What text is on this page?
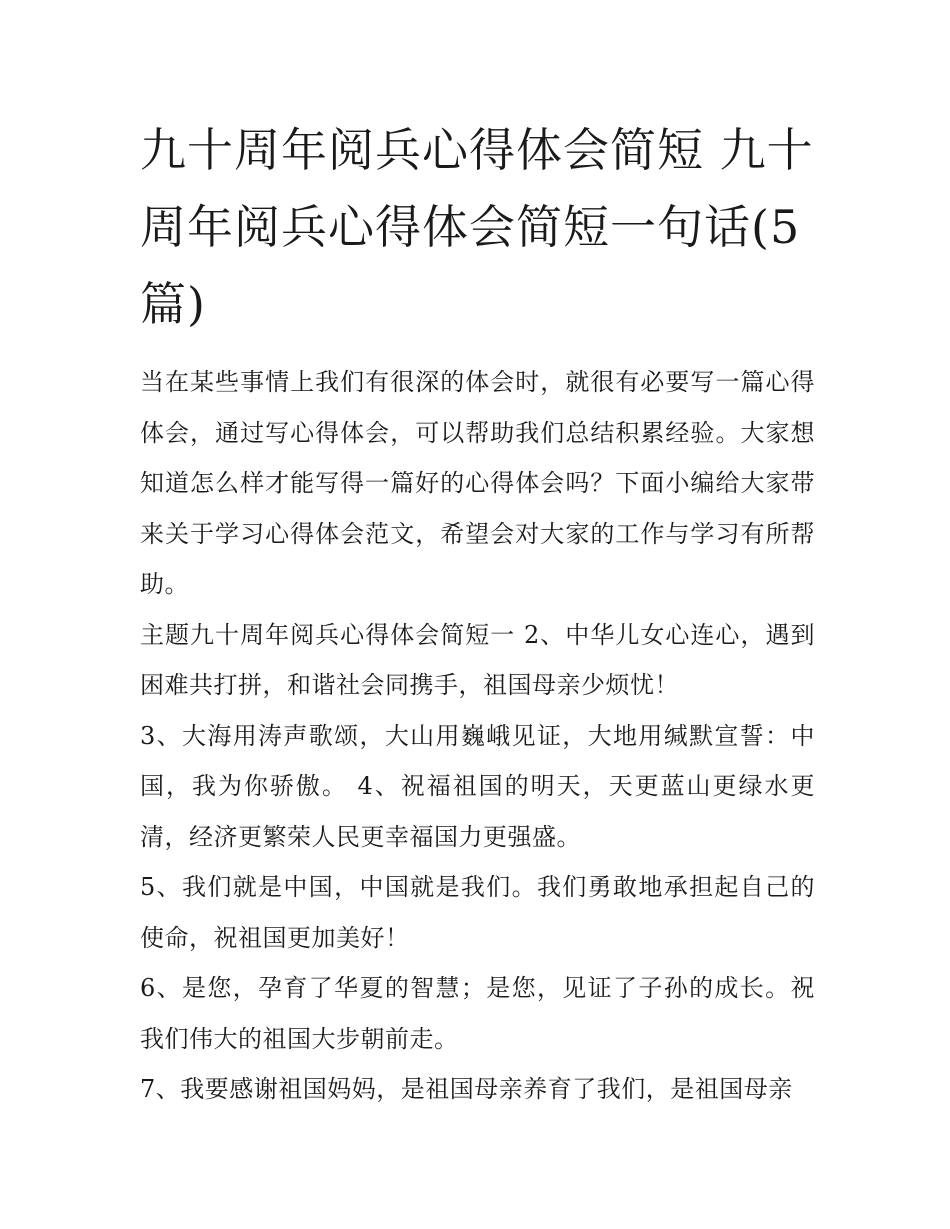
九十周年阅兵心得体会简短 九十周年阅兵心得体会简短一句话(5篇)

当在某些事情上我们有很深的体会时，就很有必要写一篇心得体会，通过写心得体会，可以帮助我们总结积累经验。大家想知道怎么样才能写得一篇好的心得体会吗？下面小编给大家带来关于学习心得体会范文，希望会对大家的工作与学习有所帮助。

主题九十周年阅兵心得体会简短一 2、中华儿女心连心，遇到困难共打拼，和谐社会同携手，祖国母亲少烦忧！

3、大海用涛声歌颂，大山用巍峨见证，大地用缄默宣誓：中国，我为你骄傲。 4、祝福祖国的明天，天更蓝山更绿水更清，经济更繁荣人民更幸福国力更强盛。

5、我们就是中国，中国就是我们。我们勇敢地承担起自己的使命，祝祖国更加美好！

6、是您，孕育了华夏的智慧；是您，见证了子孙的成长。祝我们伟大的祖国大步朝前走。

7、我要感谢祖国妈妈，是祖国母亲养育了我们，是祖国母亲
